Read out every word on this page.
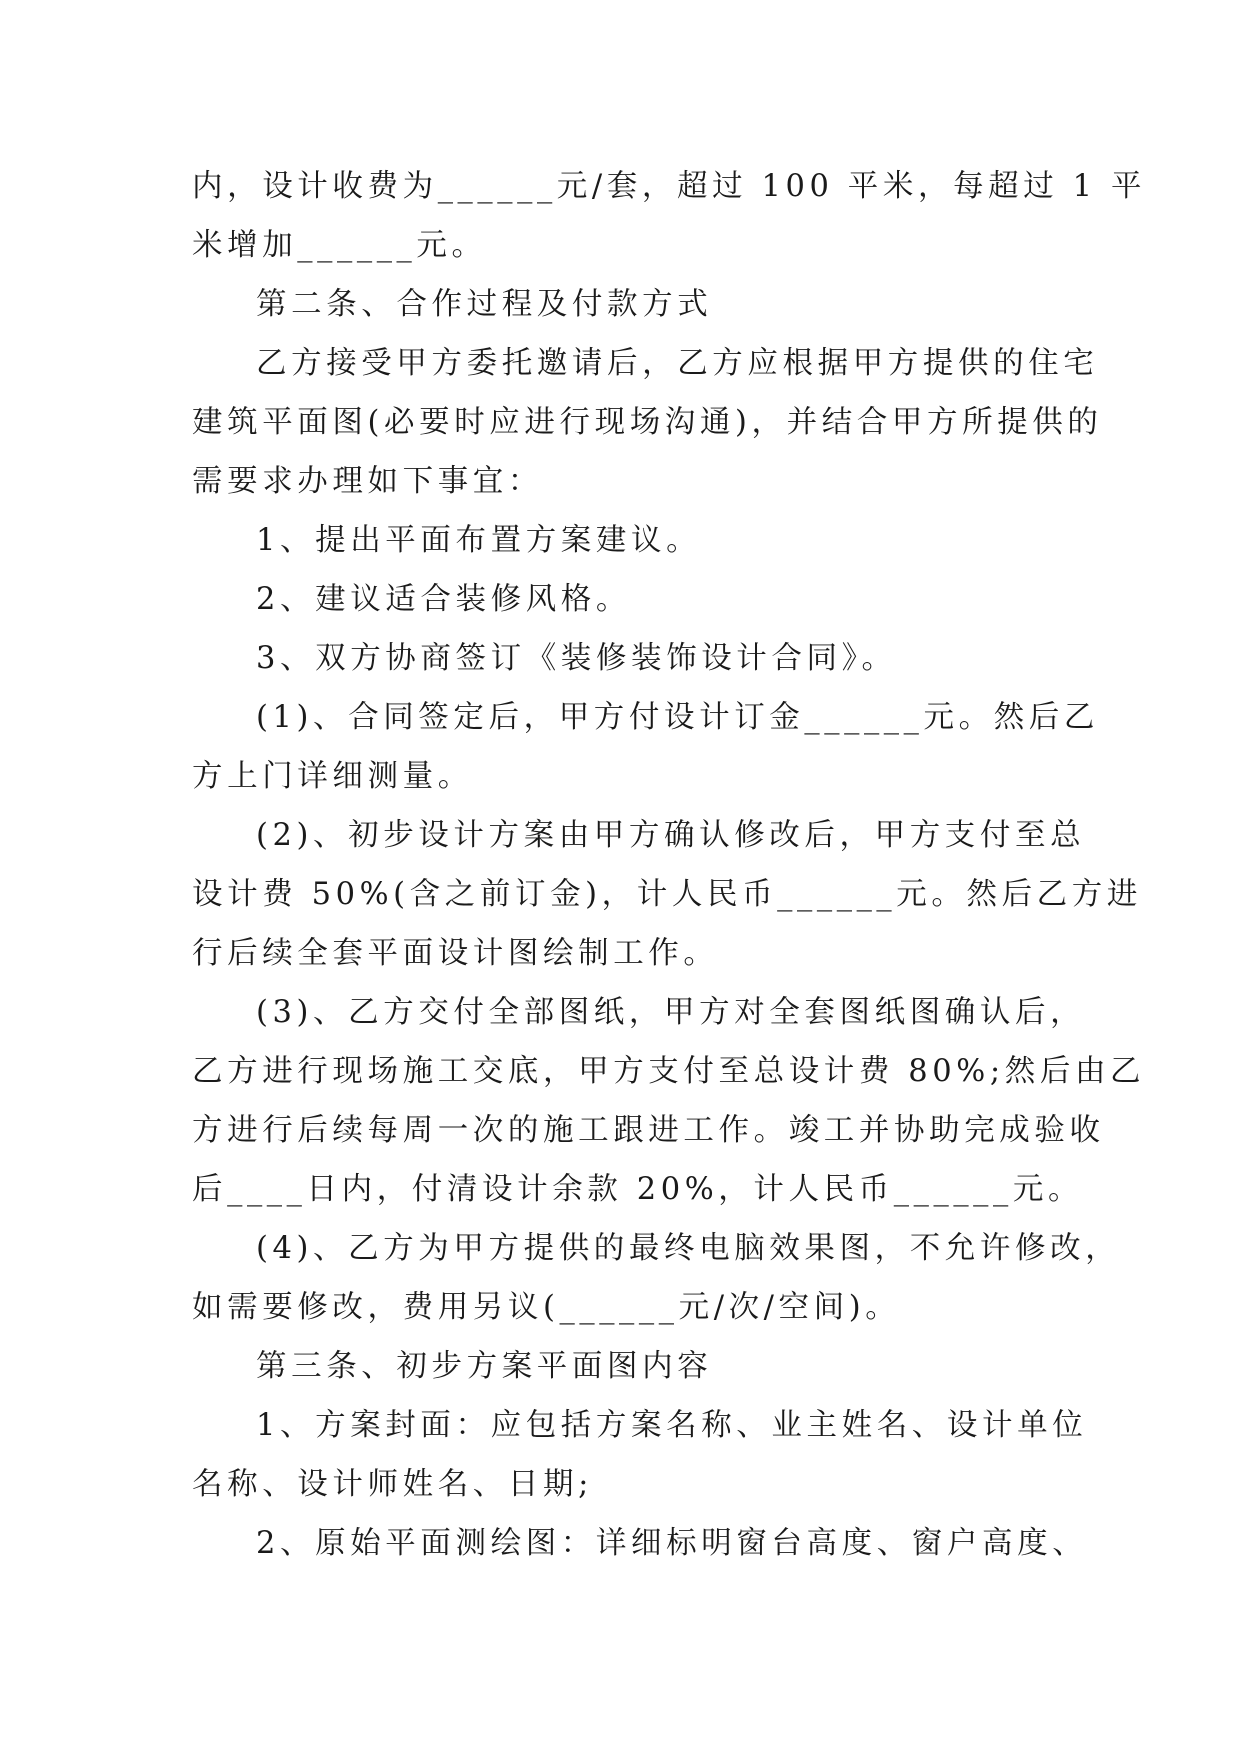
内，设计收费为______元/套，超过 100 平米，每超过 1 平
米增加______元。
第二条、合作过程及付款方式
乙方接受甲方委托邀请后，乙方应根据甲方提供的住宅
建筑平面图(必要时应进行现场沟通)，并结合甲方所提供的
需要求办理如下事宜：
1、提出平面布置方案建议。
2、建议适合装修风格。
3、双方协商签订《装修装饰设计合同》。
(1)、合同签定后，甲方付设计订金______元。然后乙
方上门详细测量。
(2)、初步设计方案由甲方确认修改后，甲方支付至总
设计费 50%(含之前订金)，计人民币______元。然后乙方进
行后续全套平面设计图绘制工作。
(3)、乙方交付全部图纸，甲方对全套图纸图确认后，
乙方进行现场施工交底，甲方支付至总设计费 80%;然后由乙
方进行后续每周一次的施工跟进工作。竣工并协助完成验收
后____日内，付清设计余款 20%，计人民币______元。
(4)、乙方为甲方提供的最终电脑效果图，不允许修改，
如需要修改，费用另议(______元/次/空间)。
第三条、初步方案平面图内容
1、方案封面：应包括方案名称、业主姓名、设计单位
名称、设计师姓名、日期;
2、原始平面测绘图：详细标明窗台高度、窗户高度、
